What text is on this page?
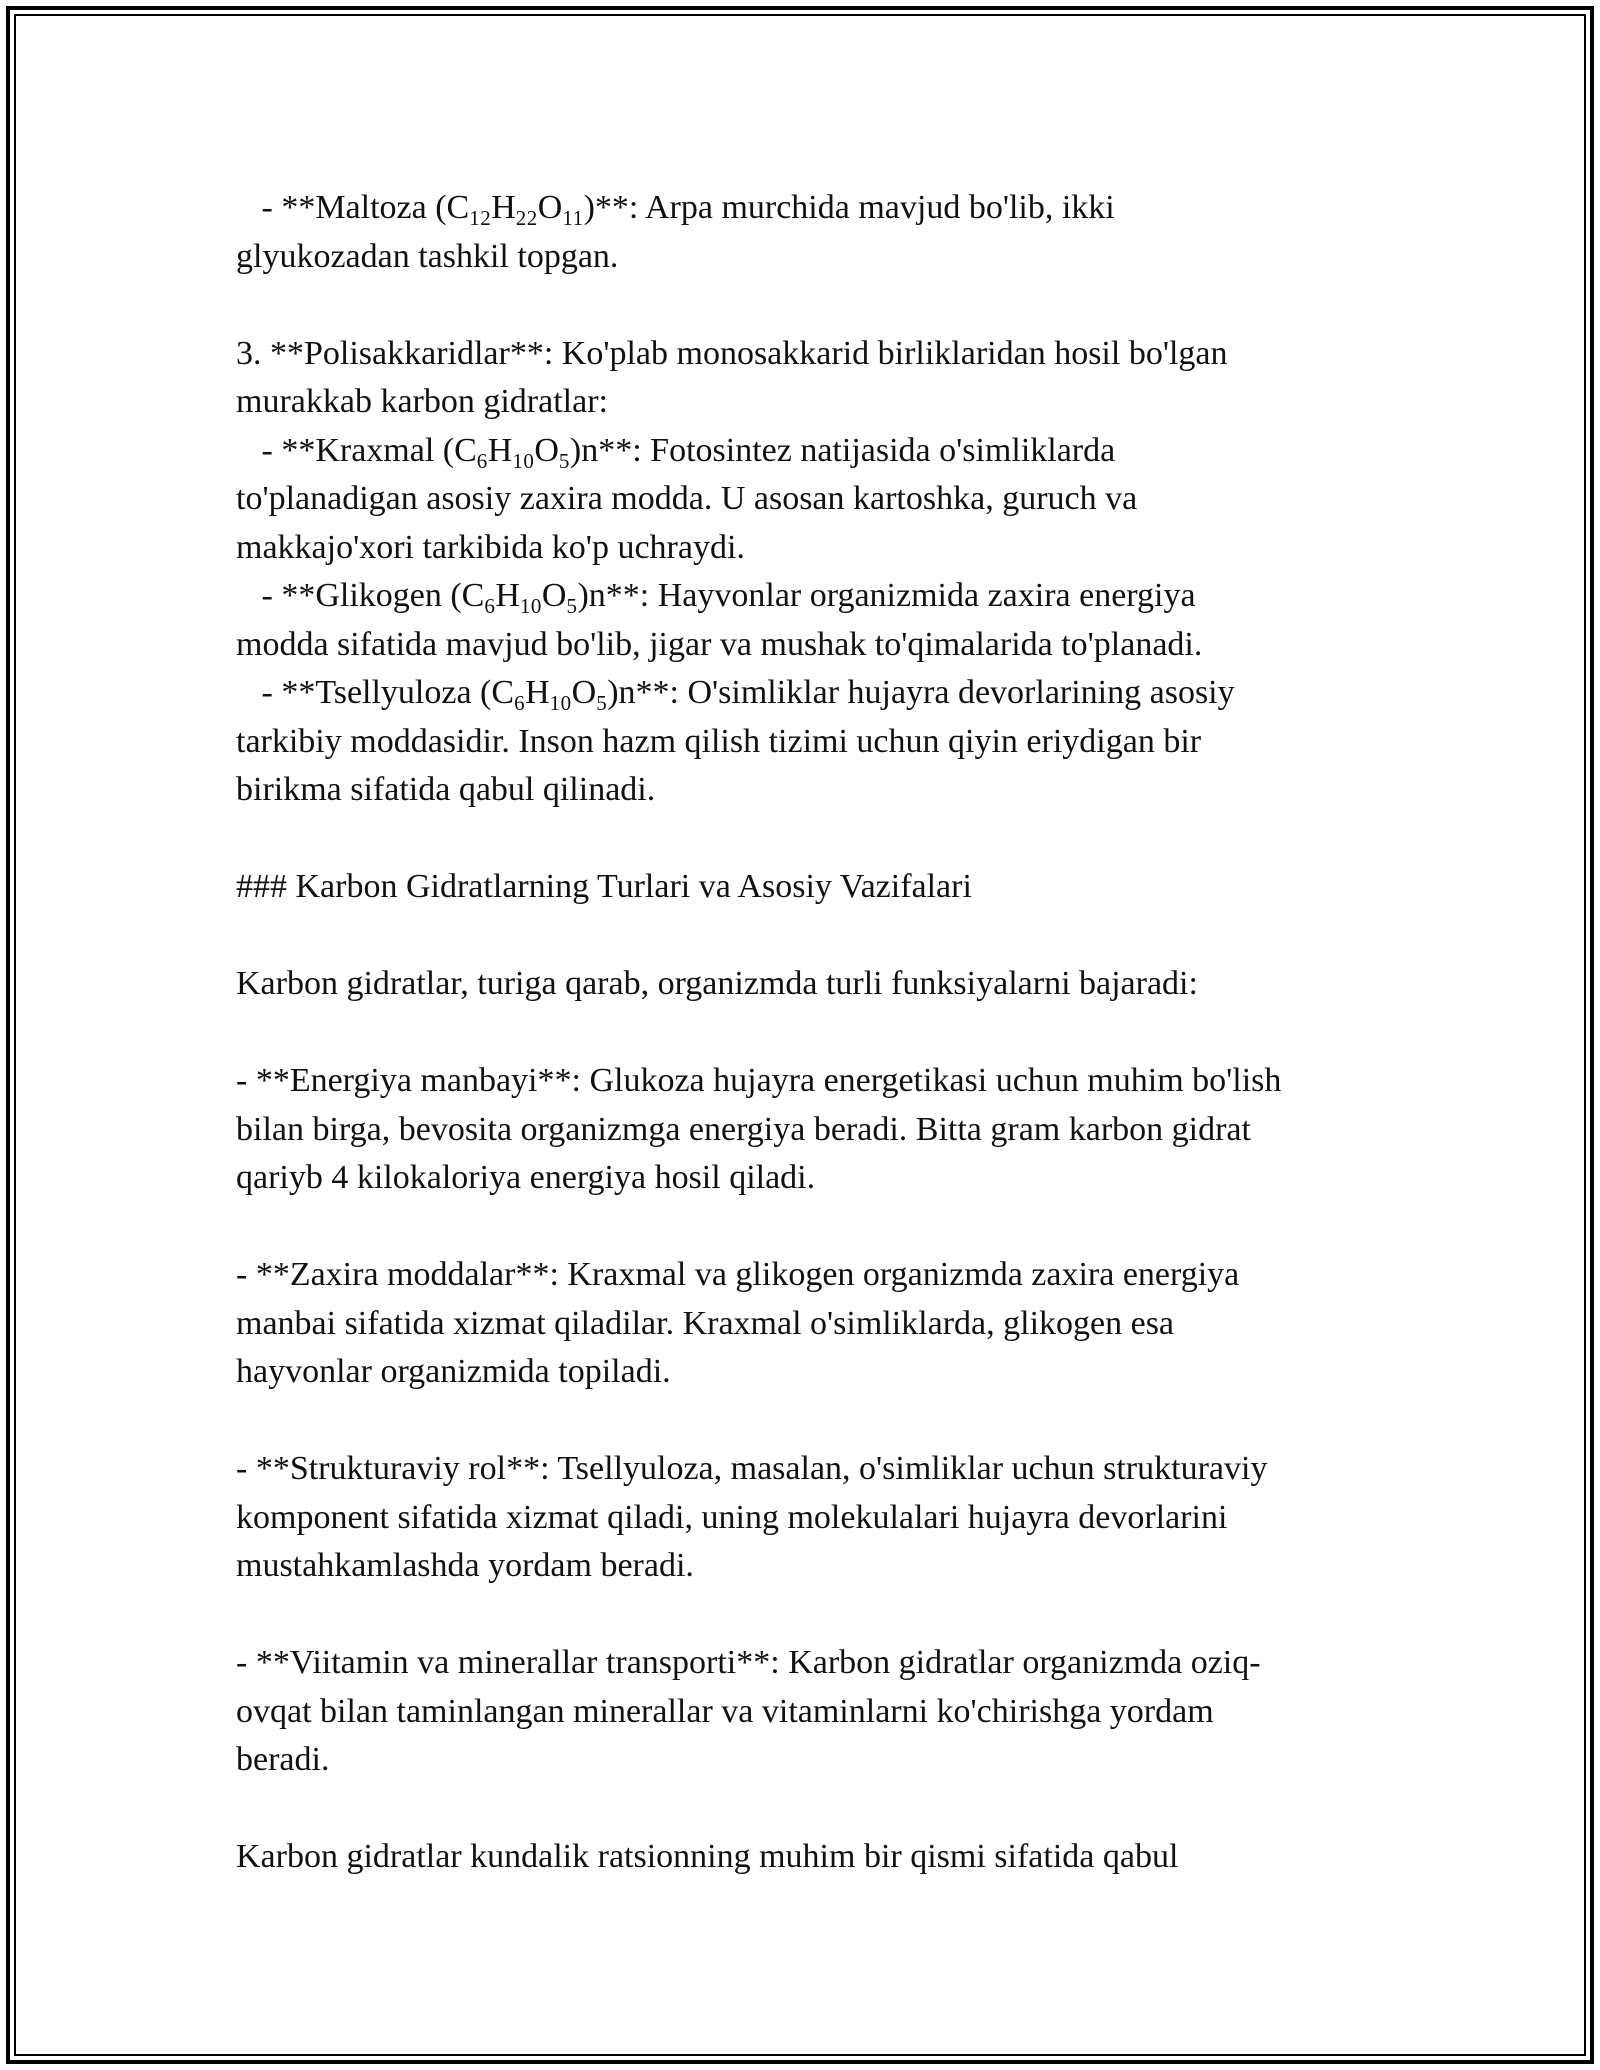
- **Maltoza $(C_{12}H_{22}O_{11})**$: Arpa murchida mavjud bo'lib, ikki
glyukozadan tashkil topgan.
3. **Polisakkaridlar**: Ko'plab monosakkarid birliklaridan hosil bo'lgan
murakkab karbon gidratlar:
- **Kraxmal $(C_6H_{10}O_5)n**$: Fotosintez natijasida o'simliklarda
to'planadigan asosiy zaxira modda. U asosan kartoshka, guruch va
makkajo'xori tarkibida ko'p uchraydi.
- **Glikogen $(C_6H_{10}O_5)n**$: Hayvonlar organizmida zaxira energiya
modda sifatida mavjud bo'lib, jigar va mushak to'qimalarida to'planadi.
- **Tsellyuloza $(C_6H_{10}O_5)n**$: O'simliklar hujayra devorlarining asosiy
tarkibiy moddasidir. Inson hazm qilish tizimi uchun qiyin eriydigan bir
birikma sifatida qabul qilinadi.
### Karbon Gidratlarning Turlari va Asosiy Vazifalari
Karbon gidratlar, turiga qarab, organizmda turli funksiyalarni bajaradi:
- **Energiya manbayi**: Glukoza hujayra energetikasi uchun muhim bo'lish
bilan birga, bevosita organizmga energiya beradi. Bitta gram karbon gidrat
qariyb 4 kilokaloriya energiya hosil qiladi.
- **Zaxira moddalar**: Kraxmal va glikogen organizmda zaxira energiya
manbai sifatida xizmat qiladilar. Kraxmal o'simliklarda, glikogen esa
hayvonlar organizmida topiladi.
- **Strukturaviy rol**: Tsellyuloza, masalan, o'simliklar uchun strukturaviy
komponent sifatida xizmat qiladi, uning molekulalari hujayra devorlarini
mustahkamlashda yordam beradi.
- **Viitamin va minerallar transporti**: Karbon gidratlar organizmda oziq-
ovqat bilan taminlangan minerallar va vitaminlarni ko'chirishga yordam
beradi.
Karbon gidratlar kundalik ratsionning muhim bir qismi sifatida qabul
